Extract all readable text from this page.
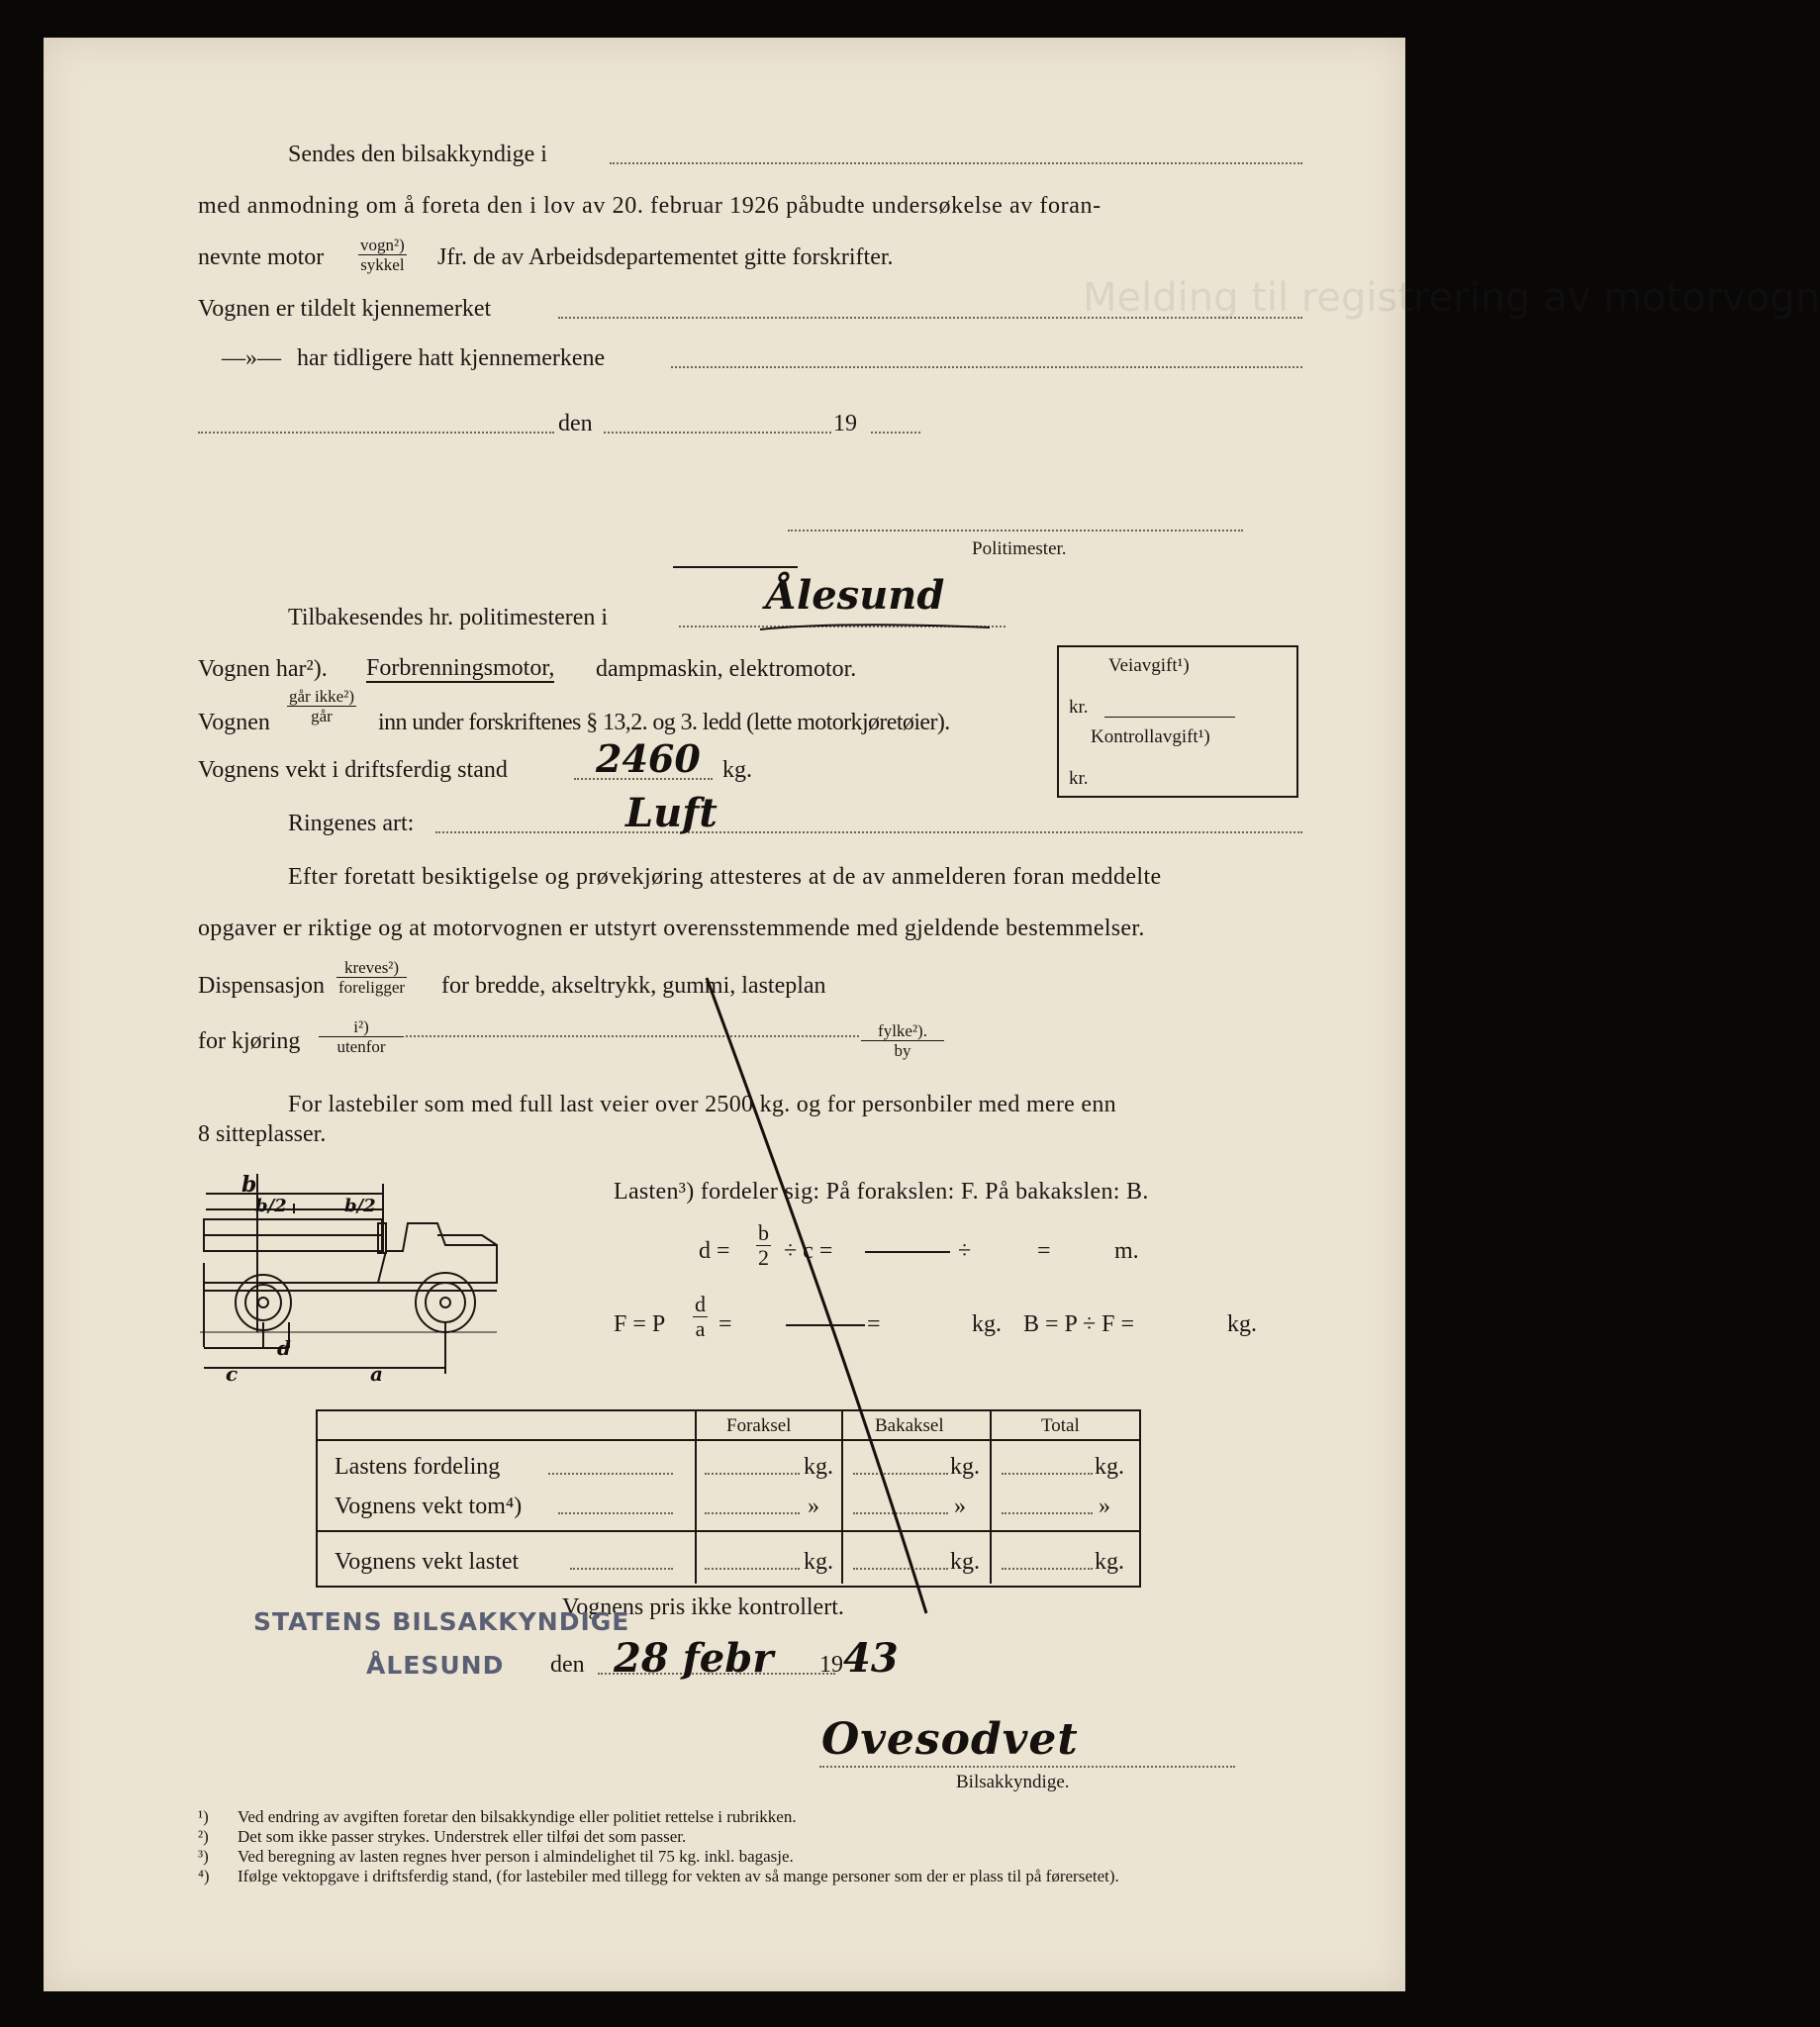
Melding til registrering av motorvogn
Sendes den bilsakkyndige i
med anmodning om å foreta den i lov av 20. februar 1926 påbudte undersøkelse av foran-
nevnte motor vogn²)
sykkel Jfr. de av Arbeidsdepartementet gitte forskrifter.
Vognen er tildelt kjennemerket
—»— har tidligere hatt kjennemerkene
den	19
Politimester.
Tilbakesendes hr. politimesteren i	Ålesund
Vognen har²). Forbrenningsmotor, dampmaskin, elektromotor.
Vognen
går ikke²)
går	inn under forskriftenes § 13,2. og 3. ledd (lette motorkjøretøier).
Vognens vekt i driftsferdig stand 2460 kg.
Ringenes art:	Luft
Efter foretatt besiktigelse og prøvekjøring attesteres at de av anmelderen foran meddelte
opgaver er riktige og at motorvognen er utstyrt overensstemmende med gjeldende bestemmelser.
Dispensasjon
kreves²)
foreligger for bredde, akseltrykk, gummi, lasteplan
for kjøring
i²)
utenfor
fylke²).
by
For lastebiler som med full last veier over 2500 kg. og for personbiler med mere enn
8 sitteplasser.
b
b/2	b/2
c
d
a
Lasten³) fordeler sig: På forakslen: F. På bakakslen: B.
$d = \frac{b}{2} \div c$ =	÷	=	m.
F = P $\frac{d}{a}$ =	=	kg. B = P ÷ F =	kg.
Foraksel	Bakaksel	Total
Lastens fordeling	kg.	kg.	kg.
Vognens vekt tom⁴)	»	»	»
Vognens vekt lastet	kg.	kg.	kg.
Vognens pris ikke kontrollert.
STATENS BILSAKKYNDIGE
ÅLESUND den 28 febr 19 43
Ovesodvet
Bilsakkyndige.
Veiavgift¹)
kr.
Kontrollavgift¹)
kr.
¹) Ved endring av avgiften foretar den bilsakkyndige eller politiet rettelse i rubrikken.
²) Det som ikke passer strykes. Understrek eller tilføi det som passer.
³) Ved beregning av lasten regnes hver person i almindelighet til 75 kg. inkl. bagasje.
⁴) Ifølge vektopgave i driftsferdig stand, (for lastebiler med tillegg for vekten av så mange personer som der er plass til på førersetet).
